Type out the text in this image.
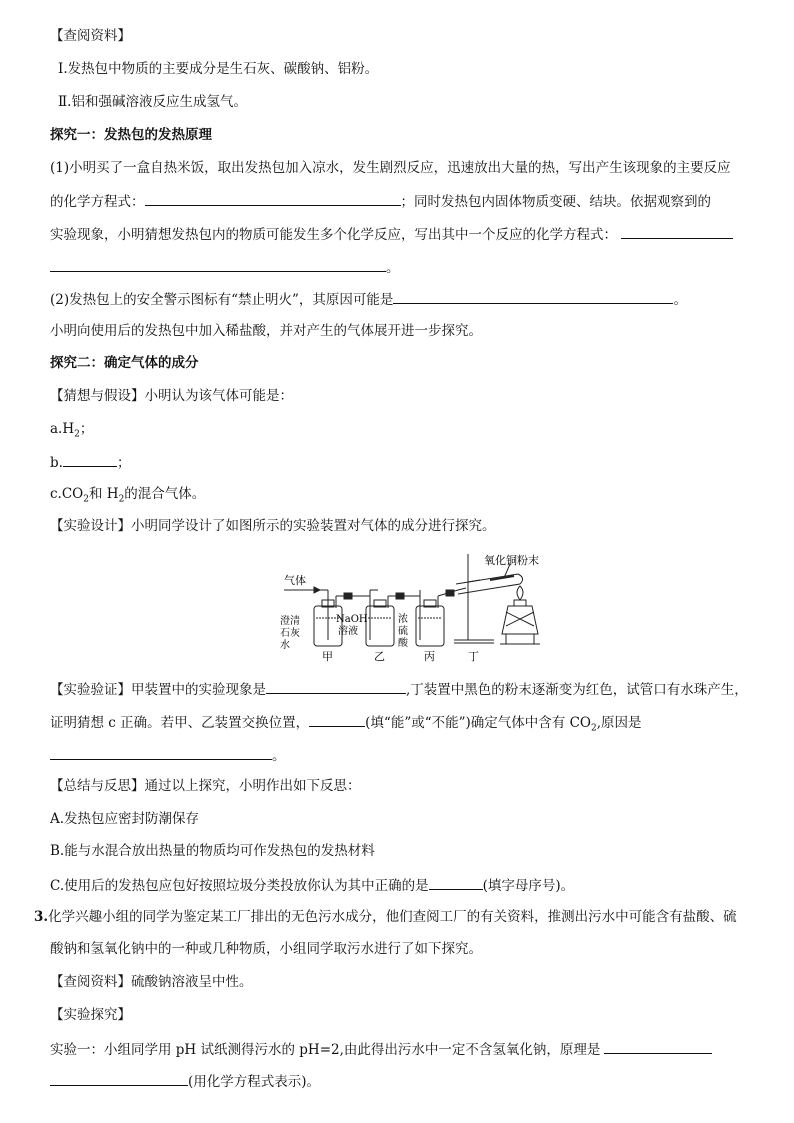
【查阅资料】
Ⅰ.发热包中物质的主要成分是生石灰、碳酸钠、铝粉。
Ⅱ.铝和强碱溶液反应生成氢气。
探究一：发热包的发热原理
(1)小明买了一盒自热米饭，取出发热包加入凉水，发生剧烈反应，迅速放出大量的热，写出产生该现象的主要反应
的化学方程式：	；同时发热包内固体物质变硬、结块。依据观察到的
实验现象，小明猜想发热包内的物质可能发生多个化学反应，写出其中一个反应的化学方程式：
。
(2)发热包上的安全警示图标有“禁止明火”，其原因可能是	。
小明向使用后的发热包中加入稀盐酸，并对产生的气体展开进一步探究。
探究二：确定气体的成分
【猜想与假设】小明认为该气体可能是：
$a.H_2$；
b.	；
$c.CO_2$和 $H_2$的混合气体。
【实验设计】小明同学设计了如图所示的实验装置对气体的成分进行探究。
气体
氧化铜粉末
澄清
石灰
水
NaOH
溶液
浓
硫
酸
甲	乙	丙	丁
【实验验证】甲装置中的实验现象是	,丁装置中黑色的粉末逐渐变为红色，试管口有水珠产生，
证明猜想 c 正确。若甲、乙装置交换位置，	(填“能”或“不能”)确定气体中含有 $CO_2$,原因是
。
【总结与反思】通过以上探究，小明作出如下反思：
A.发热包应密封防潮保存
B.能与水混合放出热量的物质均可作发热包的发热材料
C.使用后的发热包应包好按照垃圾分类投放你认为其中正确的是	(填字母序号)。
3.化学兴趣小组的同学为鉴定某工厂排出的无色污水成分，他们查阅工厂的有关资料，推测出污水中可能含有盐酸、硫
酸钠和氢氧化钠中的一种或几种物质，小组同学取污水进行了如下探究。
【查阅资料】硫酸钠溶液呈中性。
【实验探究】
实验一：小组同学用 pH 试纸测得污水的 pH=2,由此得出污水中一定不含氢氧化钠，原理是
(用化学方程式表示)。
